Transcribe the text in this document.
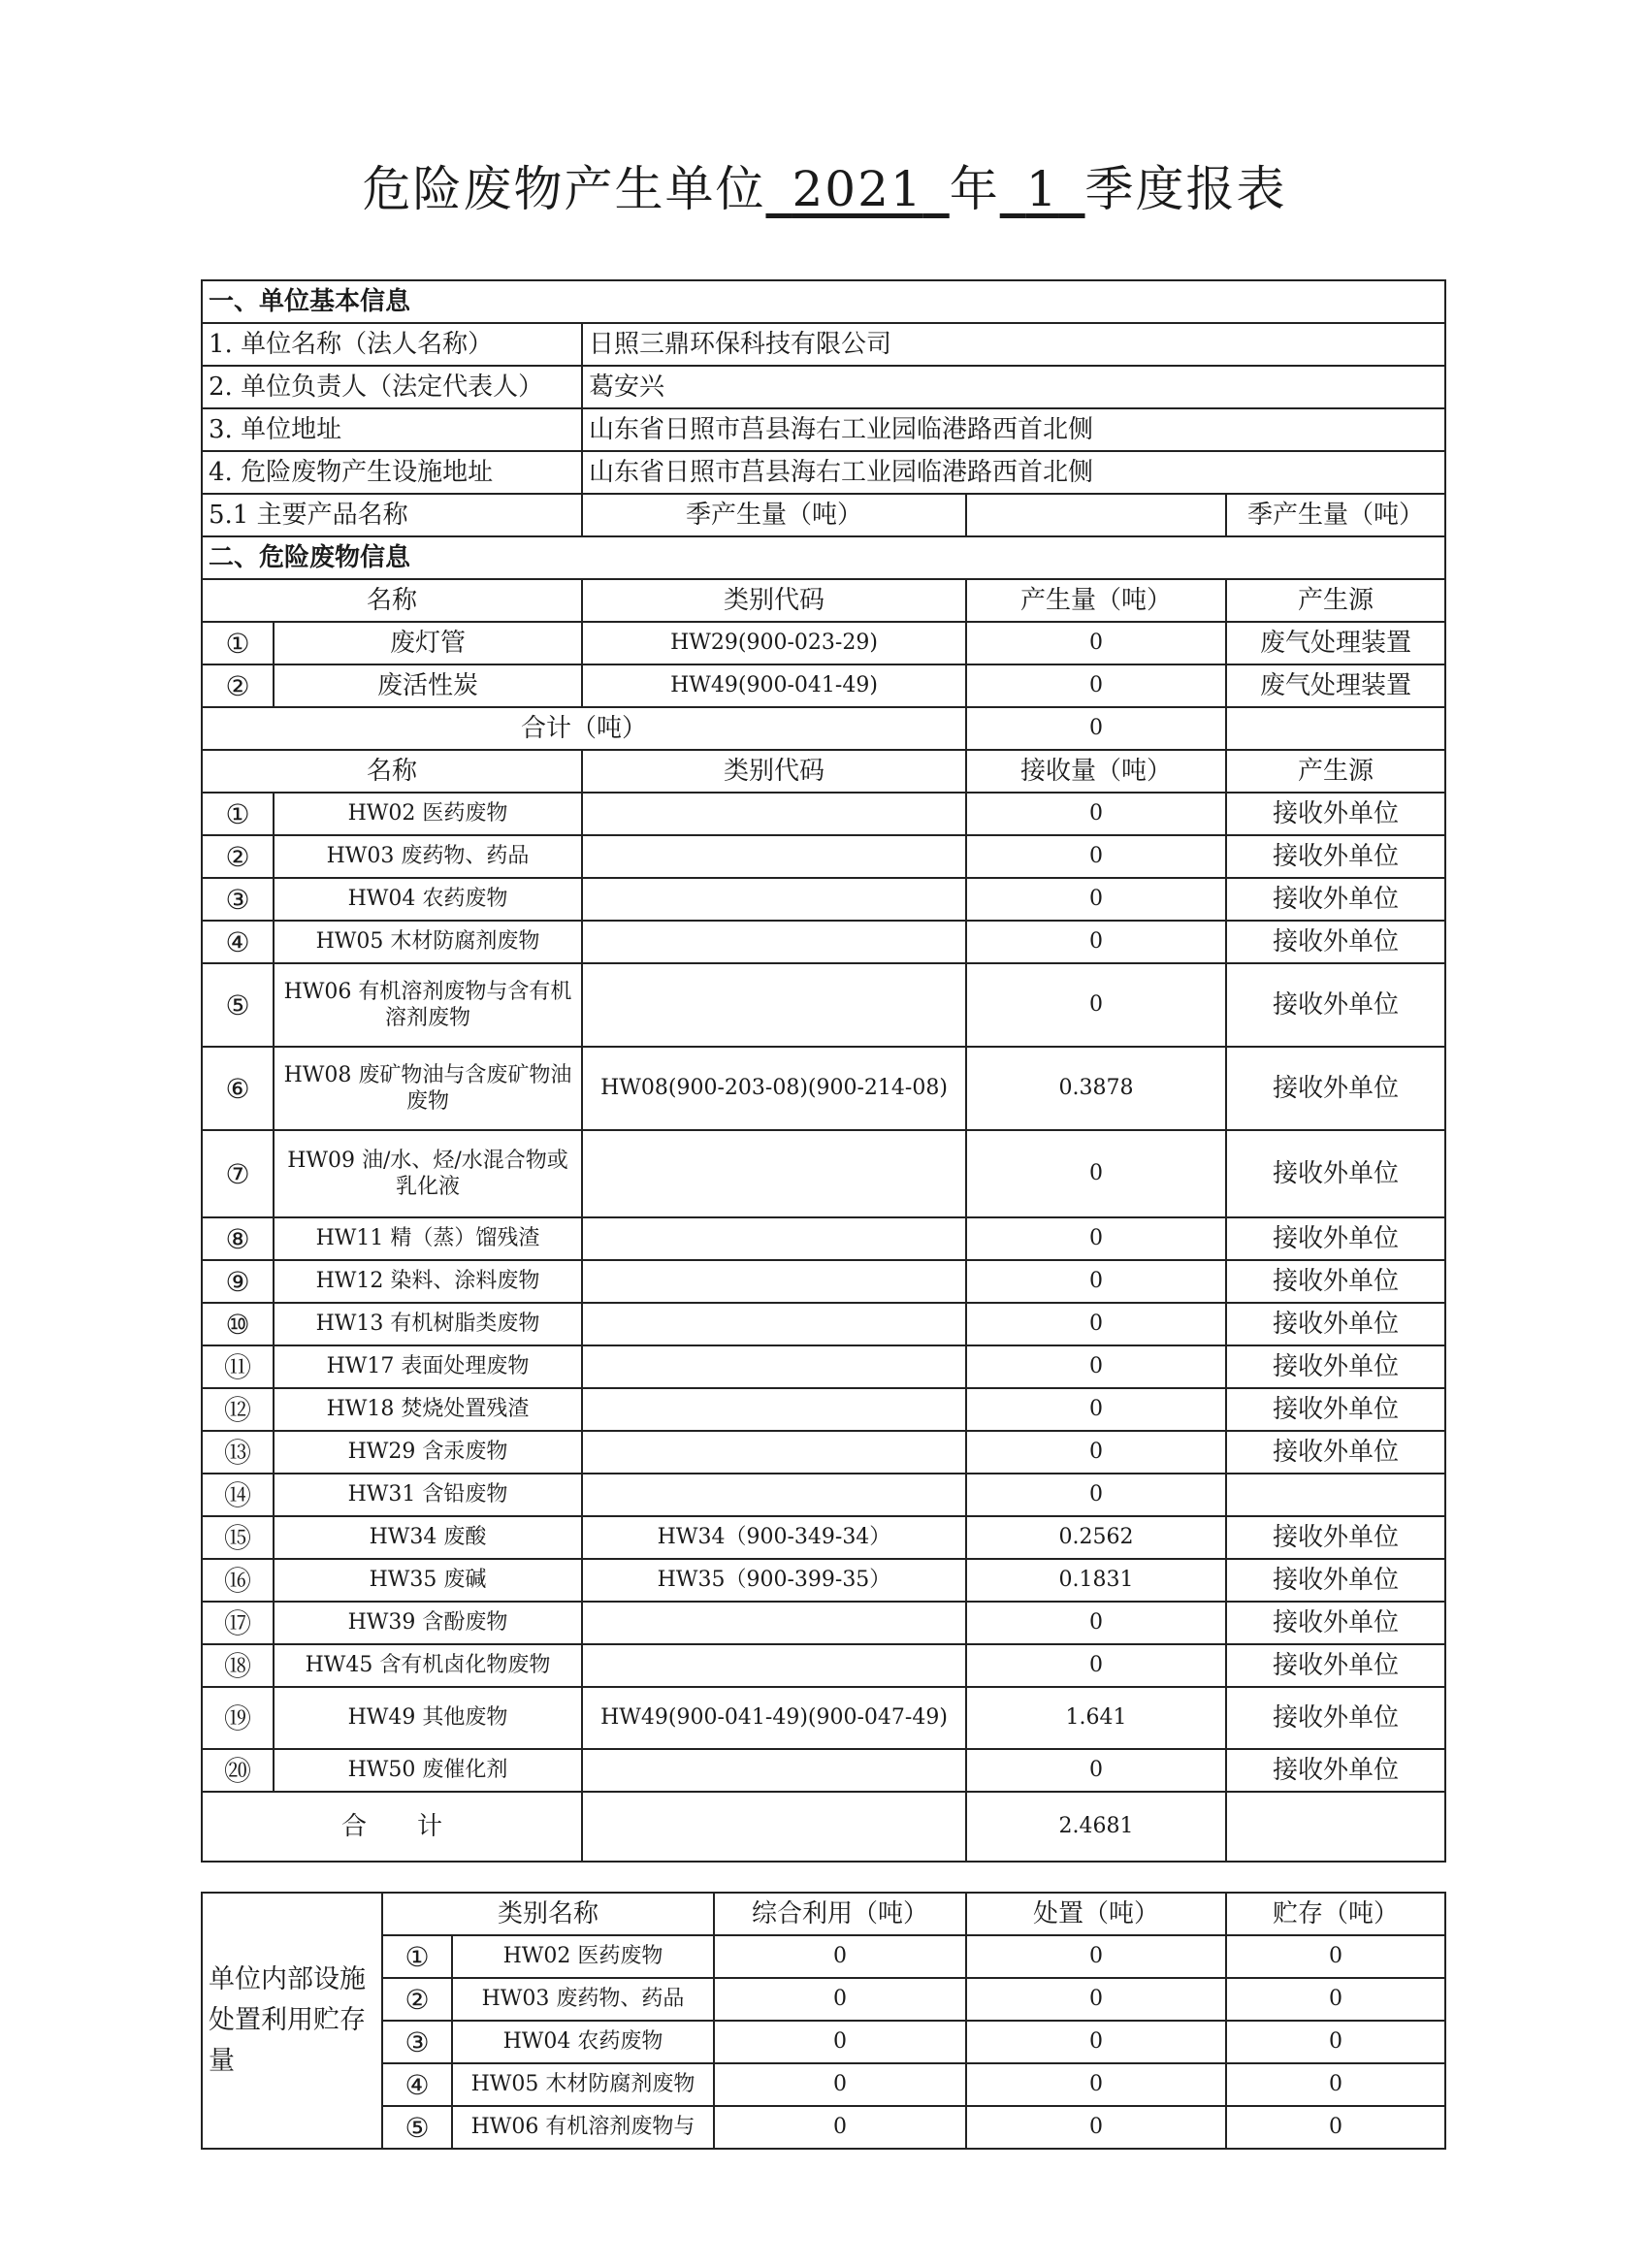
危险废物产生单位  2021  年  1  季度报表
一、单位基本信息				
1. 单位名称（法人名称）		日照三鼎环保科技有限公司		
2. 单位负责人（法定代表人）		葛安兴		
3. 单位地址		山东省日照市莒县海右工业园临港路西首北侧		
4. 危险废物产生设施地址		山东省日照市莒县海右工业园临港路西首北侧		
5.1 主要产品名称		季产生量（吨）		季产生量（吨）
二、危险废物信息				
名称		类别代码	产生量（吨）	产生源
①	废灯管	HW29(900-023-29)	0	废气处理装置
②	废活性炭	HW49(900-041-49)	0	废气处理装置
合计（吨）			0	
名称		类别代码	接收量（吨）	产生源
①	HW02 医药废物		0	接收外单位
②	HW03 废药物、药品		0	接收外单位
③	HW04 农药废物		0	接收外单位
④	HW05 木材防腐剂废物		0	接收外单位
⑤	HW06 有机溶剂废物与含有机溶剂废物		0	接收外单位
⑥	HW08 废矿物油与含废矿物油废物	HW08(900-203-08)(900-214-08)	0.3878	接收外单位
⑦	HW09 油/水、烃/水混合物或乳化液		0	接收外单位
⑧	HW11 精（蒸）馏残渣		0	接收外单位
⑨	HW12 染料、涂料废物		0	接收外单位
⑩	HW13 有机树脂类废物		0	接收外单位
⑪	HW17 表面处理废物		0	接收外单位
⑫	HW18 焚烧处置残渣		0	接收外单位
⑬	HW29 含汞废物		0	接收外单位
⑭	HW31 含铅废物		0	
⑮	HW34 废酸	HW34（900-349-34）	0.2562	接收外单位
⑯	HW35 废碱	HW35（900-399-35）	0.1831	接收外单位
⑰	HW39 含酚废物		0	接收外单位
⑱	HW45 含有机卤化物废物		0	接收外单位
⑲	HW49 其他废物	HW49(900-041-49)(900-047-49)	1.641	接收外单位
⑳	HW50 废催化剂		0	接收外单位
合　　计			2.4681	
单位内部设施处置利用贮存量	类别名称		综合利用（吨）	处置（吨）	贮存（吨）
	①	HW02 医药废物	0	0	0
	②	HW03 废药物、药品	0	0	0
	③	HW04 农药废物	0	0	0
	④	HW05 木材防腐剂废物	0	0	0
	⑤	HW06 有机溶剂废物与	0	0	0
